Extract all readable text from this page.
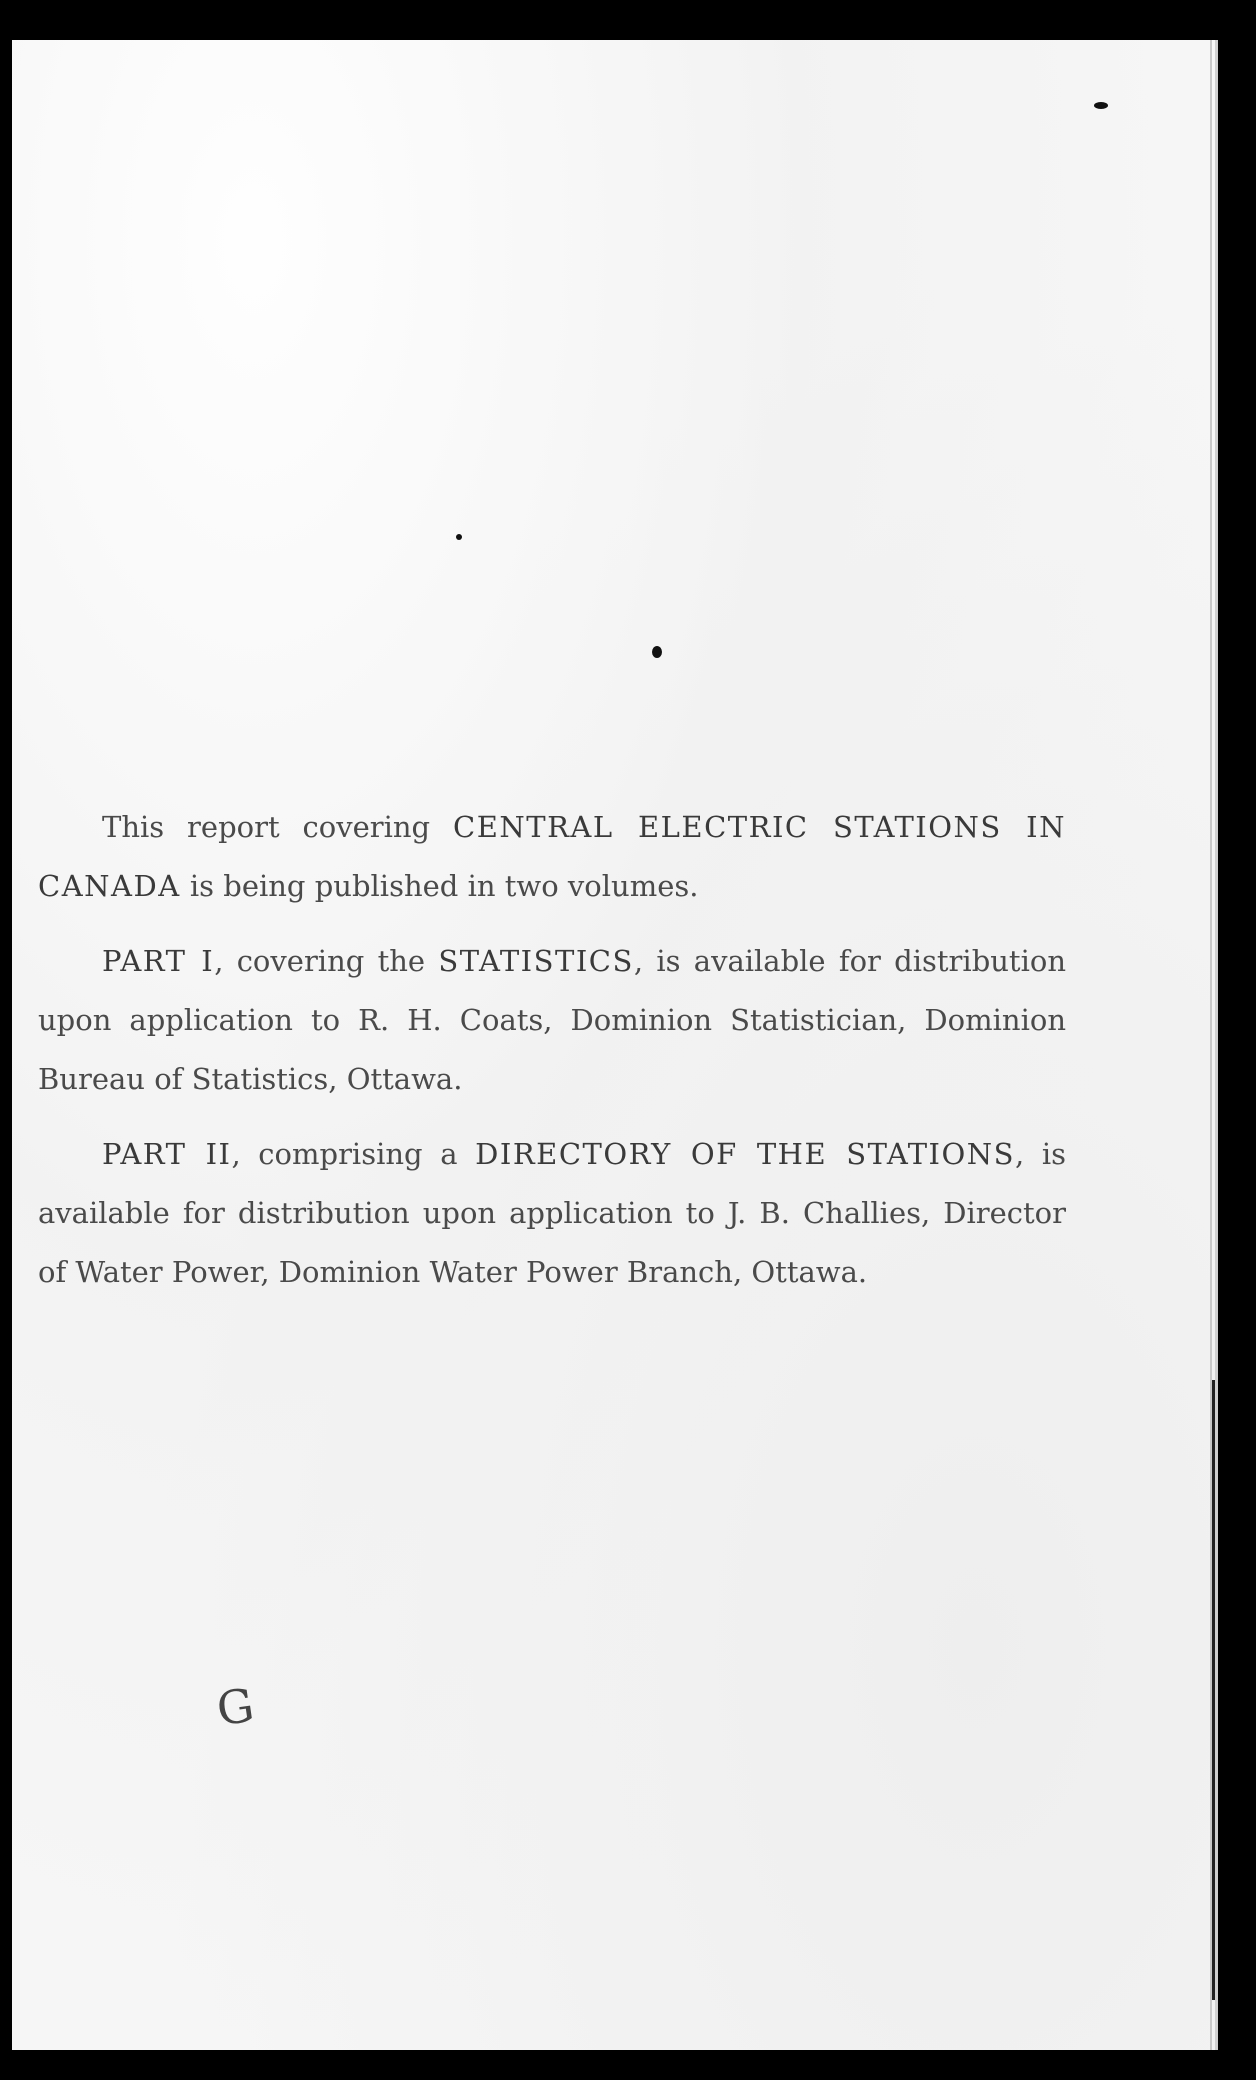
This report covering CENTRAL ELECTRIC STATIONS IN CANADA is being published in two volumes.

PART I, covering the STATISTICS, is available for distribution upon application to R. H. Coats, Dominion Statistician, Dominion Bureau of Statistics, Ottawa.

PART II, comprising a DIRECTORY OF THE STATIONS, is available for distribution upon application to J. B. Challies, Director of Water Power, Dominion Water Power Branch, Ottawa.

G
